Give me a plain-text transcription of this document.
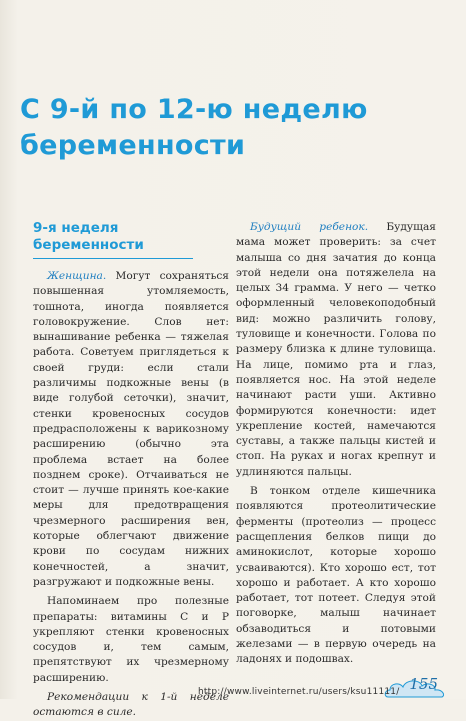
С 9-й по 12-ю неделю
беременности
9-я неделя
беременности

Женщина. Могут сохраняться повышенная утомляемость, тошнота, иногда появляется головокружение. Слов нет: вынашивание ребенка — тяжелая работа. Советуем приглядеться к своей груди: если стали различимы подкожные вены (в виде голубой сеточки), значит, стенки кровеносных сосудов предрасположены к варикозному расширению (обычно эта проблема встает на более позднем сроке). Отчаиваться не стоит — лучше принять кое-какие меры для предотвращения чрезмерного расширения вен, которые облегчают движение крови по сосудам нижних конечностей, а значит, разгружают и подкожные вены.

Напоминаем про полезные препараты: витамины С и Р укрепляют стенки кровеносных сосудов и, тем самым, препятствуют их чрезмерному расширению.

Рекомендации к 1-й неделе остаются в силе.

Будущий ребенок. Будущая мама может проверить: за счет малыша со дня зачатия до конца этой недели она потяжелела на целых 34 грамма. У него — четко оформленный человекоподобный вид: можно различить голову, туловище и конечности. Голова по размеру близка к длине туловища. На лице, помимо рта и глаз, появляется нос. На этой неделе начинают расти уши. Активно формируются конечности: идет укрепление костей, намечаются суставы, а также пальцы кистей и стоп. На руках и ногах крепнут и удлиняются пальцы.

В тонком отделе кишечника появляются протеолитические ферменты (протеолиз — процесс расщепления белков пищи до аминокислот, которые хорошо усваиваются). Кто хорошо ест, тот хорошо и работает. А кто хорошо работает, тот потеет. Следуя этой поговорке, малыш начинает обзаводиться и потовыми железами — в первую очередь на ладонях и подошвах.

155
http://www.liveinternet.ru/users/ksu11111/
